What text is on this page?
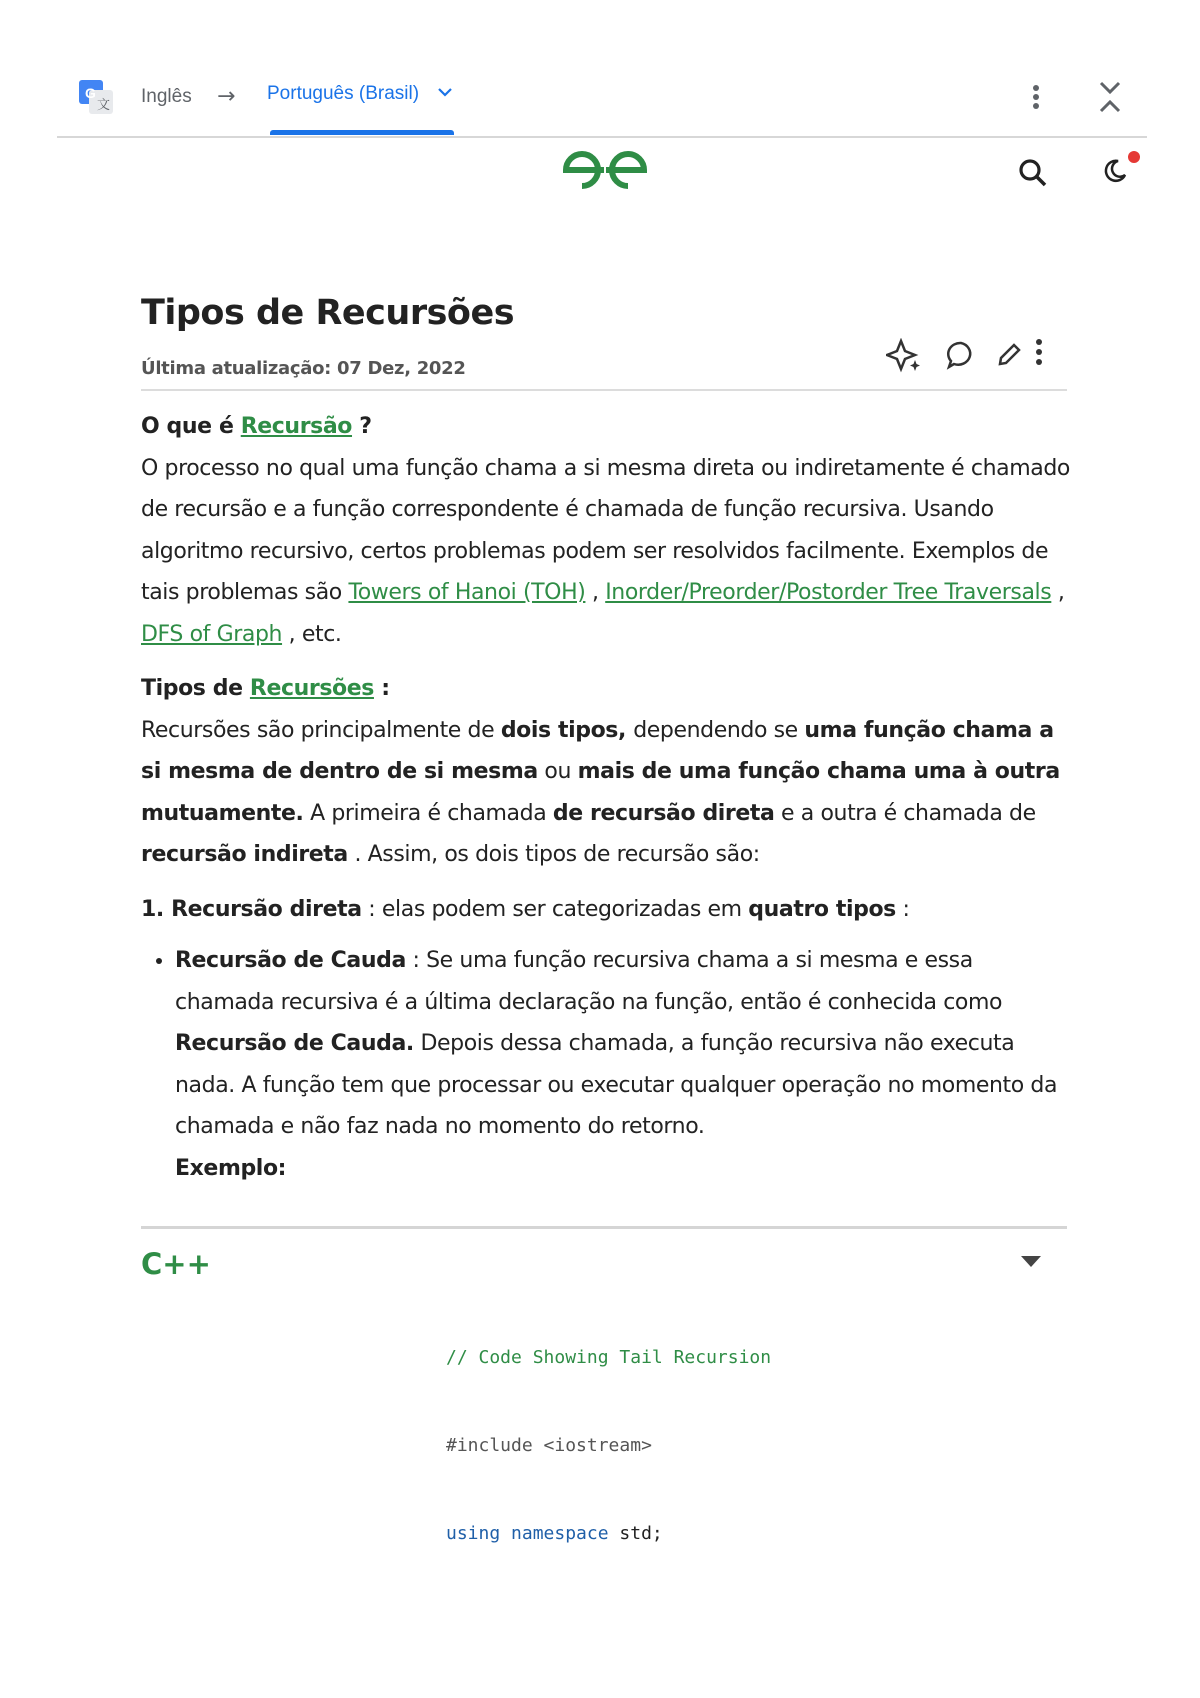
G
文 Inglês → Português (Brasil)
Tipos de Recursões
Última atualização: 07 Dez, 2022

O que é Recursão ?

O processo no qual uma função chama a si mesma direta ou indiretamente é chamado de recursão e a função correspondente é chamada de função recursiva. Usando algoritmo recursivo, certos problemas podem ser resolvidos facilmente. Exemplos de tais problemas são Towers of Hanoi (TOH) , Inorder/Preorder/Postorder Tree Traversals , DFS of Graph , etc.

Tipos de Recursões :

Recursões são principalmente de dois tipos, dependendo se uma função chama a si mesma de dentro de si mesma ou mais de uma função chama uma à outra mutuamente. A primeira é chamada de recursão direta e a outra é chamada de recursão indireta . Assim, os dois tipos de recursão são:

1. Recursão direta : elas podem ser categorizadas em quatro tipos :

• Recursão de Cauda : Se uma função recursiva chama a si mesma e essa chamada recursiva é a última declaração na função, então é conhecida como Recursão de Cauda. Depois dessa chamada, a função recursiva não executa nada. A função tem que processar ou executar qualquer operação no momento da chamada e não faz nada no momento do retorno.
Exemplo:
C++
// Code Showing Tail Recursion
#include <iostream>
using namespace std;
